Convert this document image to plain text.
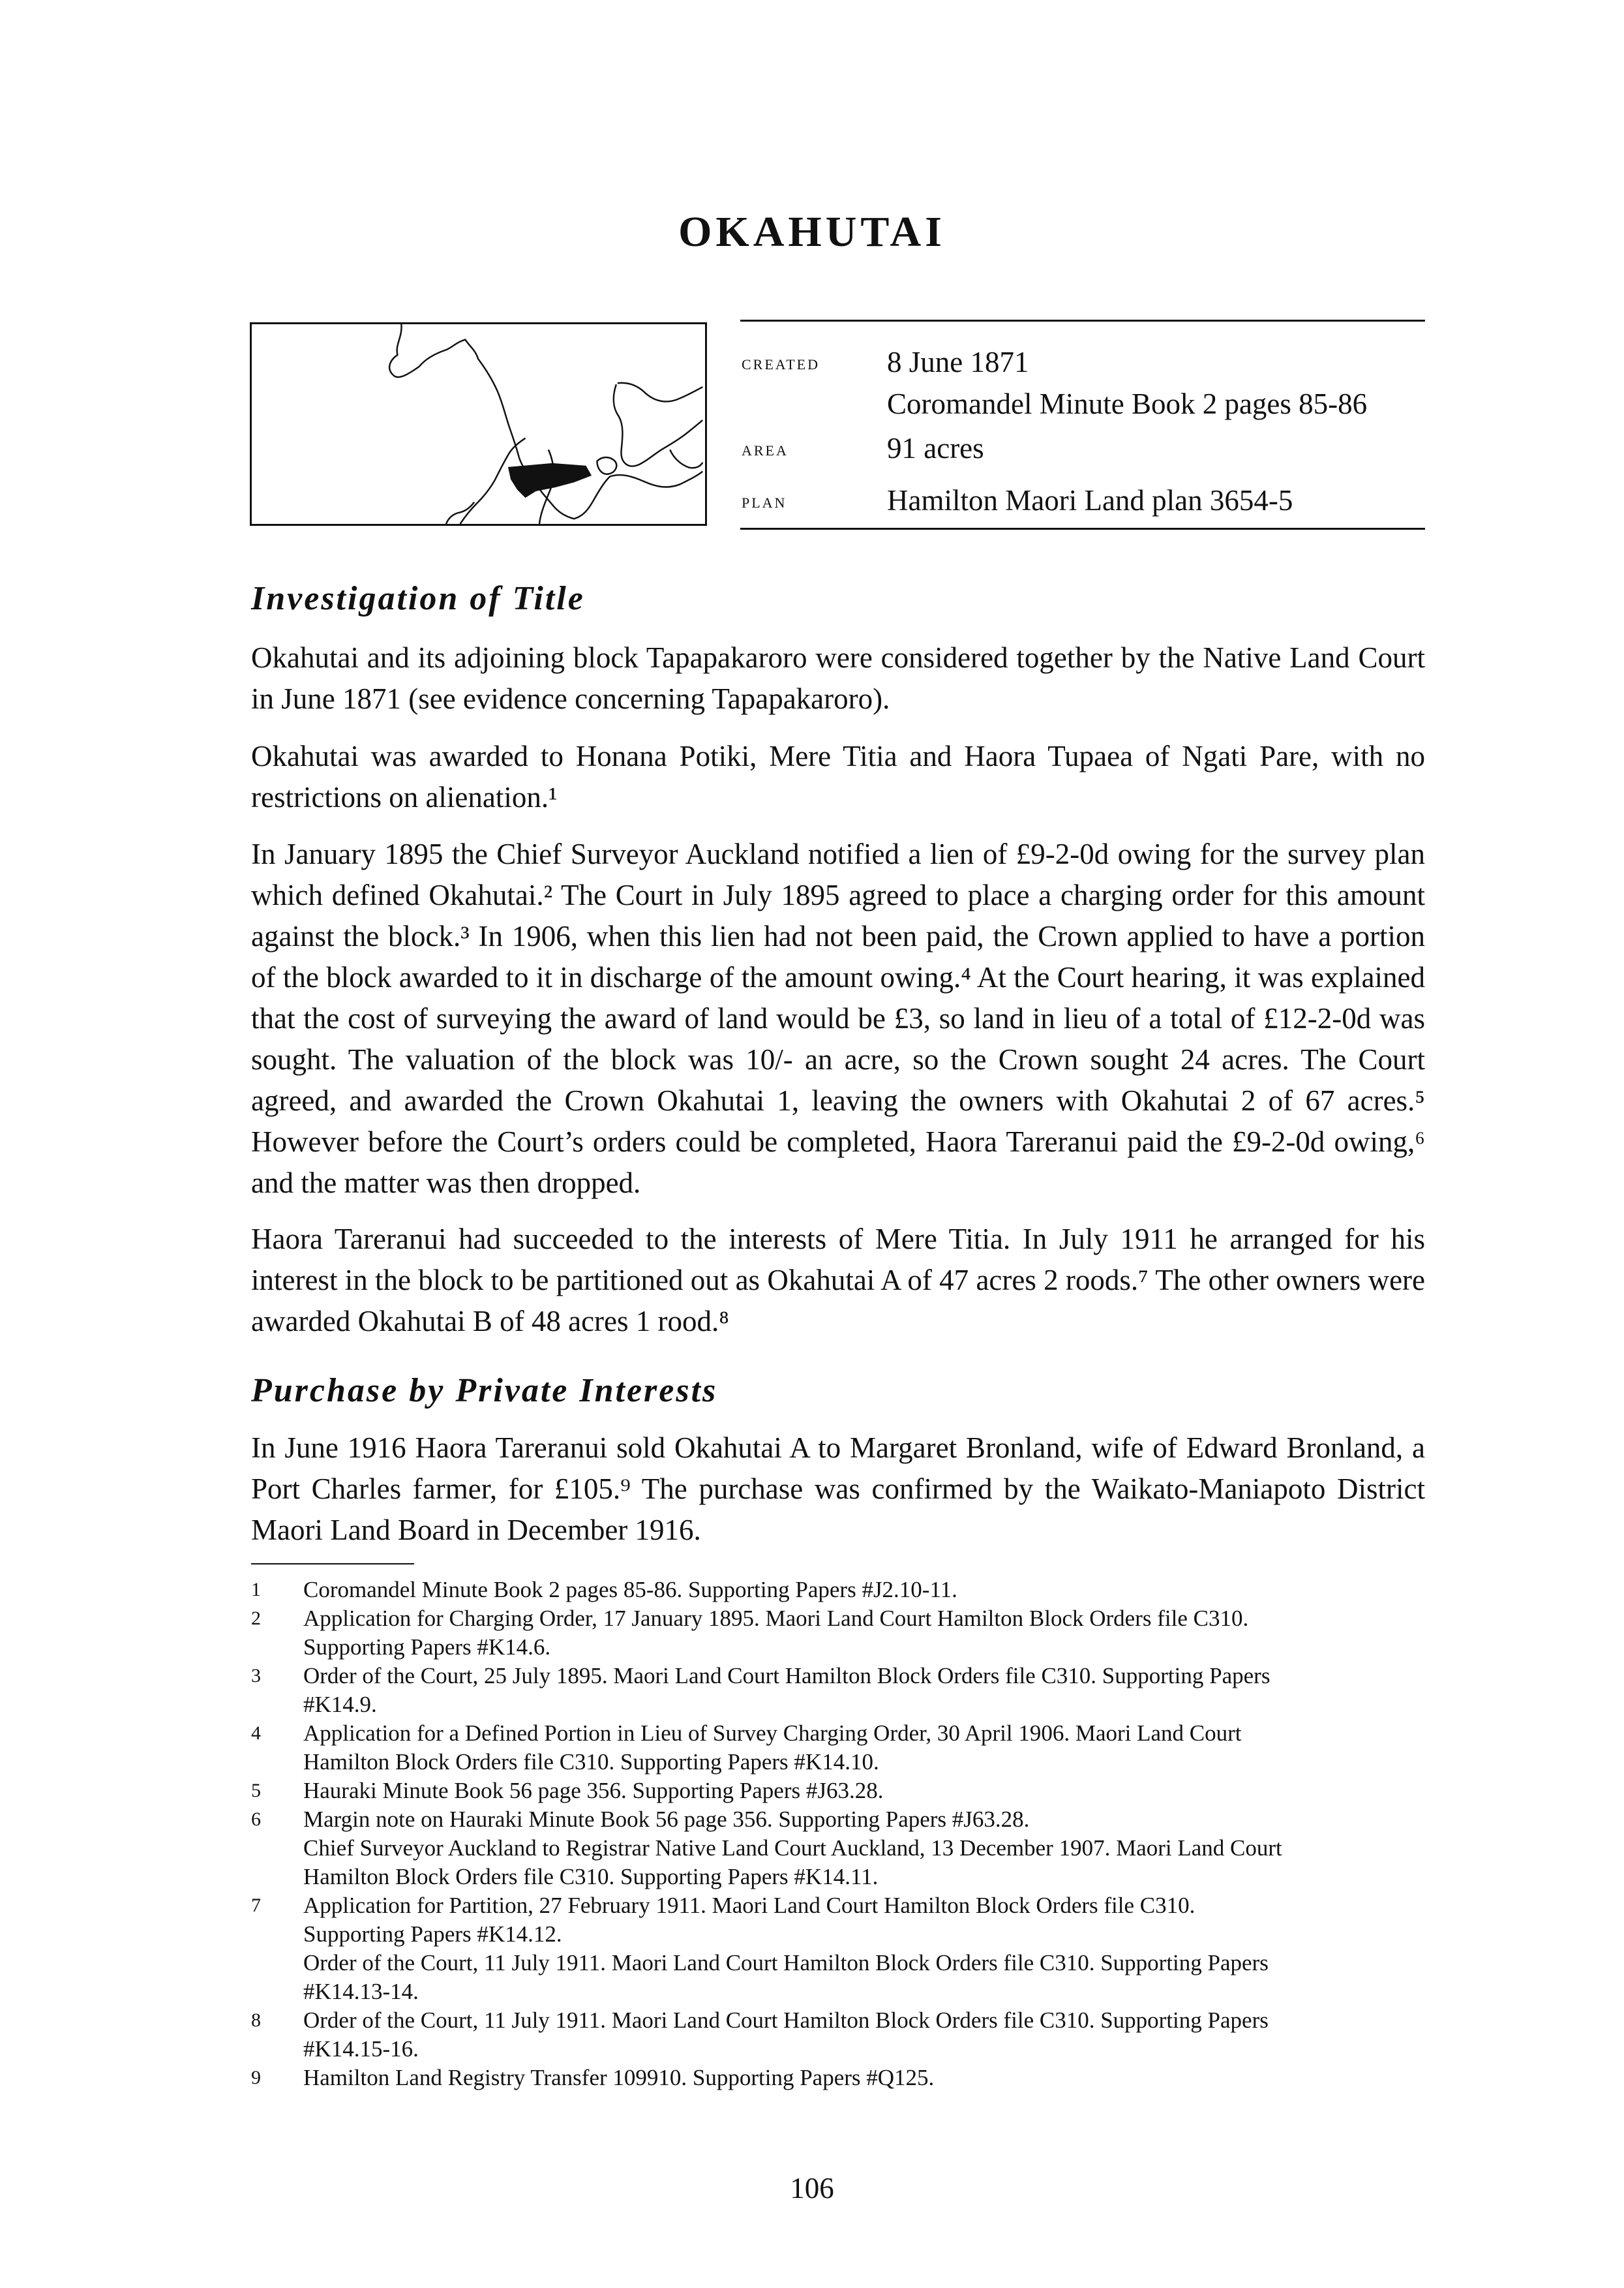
OKAHUTAI
created 8 June 1871
Coromandel Minute Book 2 pages 85-86
area	91 acres
plan	Hamilton Maori Land plan 3654-5
Investigation of Title

Okahutai and its adjoining block Tapapakaroro were considered together by the Native Land Court in June 1871 (see evidence concerning Tapapakaroro).

Okahutai was awarded to Honana Potiki, Mere Titia and Haora Tupaea of Ngati Pare, with no restrictions on alienation.¹

In January 1895 the Chief Surveyor Auckland notified a lien of £9-2-0d owing for the survey plan which defined Okahutai.² The Court in July 1895 agreed to place a charging order for this amount against the block.³ In 1906, when this lien had not been paid, the Crown applied to have a portion of the block awarded to it in discharge of the amount owing.⁴ At the Court hearing, it was explained that the cost of surveying the award of land would be £3, so land in lieu of a total of £12-2-0d was sought. The valuation of the block was 10/- an acre, so the Crown sought 24 acres. The Court agreed, and awarded the Crown Okahutai 1, leaving the owners with Okahutai 2 of 67 acres.⁵ However before the Court’s orders could be completed, Haora Tareranui paid the £9-2-0d owing,⁶ and the matter was then dropped.

Haora Tareranui had succeeded to the interests of Mere Titia. In July 1911 he arranged for his interest in the block to be partitioned out as Okahutai A of 47 acres 2 roods.⁷ The other owners were awarded Okahutai B of 48 acres 1 rood.⁸

Purchase by Private Interests

In June 1916 Haora Tareranui sold Okahutai A to Margaret Bronland, wife of Edward Bronland, a Port Charles farmer, for £105.⁹ The purchase was confirmed by the Waikato-Maniapoto District Maori Land Board in December 1916.

1 Coromandel Minute Book 2 pages 85-86. Supporting Papers #J2.10-11.
2 Application for Charging Order, 17 January 1895. Maori Land Court Hamilton Block Orders file C310.
Supporting Papers #K14.6.
3 Order of the Court, 25 July 1895. Maori Land Court Hamilton Block Orders file C310. Supporting Papers
#K14.9.
4 Application for a Defined Portion in Lieu of Survey Charging Order, 30 April 1906. Maori Land Court
Hamilton Block Orders file C310. Supporting Papers #K14.10.
5 Hauraki Minute Book 56 page 356. Supporting Papers #J63.28.
6 Margin note on Hauraki Minute Book 56 page 356. Supporting Papers #J63.28.
Chief Surveyor Auckland to Registrar Native Land Court Auckland, 13 December 1907. Maori Land Court
Hamilton Block Orders file C310. Supporting Papers #K14.11.
7 Application for Partition, 27 February 1911. Maori Land Court Hamilton Block Orders file C310.
Supporting Papers #K14.12.
Order of the Court, 11 July 1911. Maori Land Court Hamilton Block Orders file C310. Supporting Papers
#K14.13-14.
8 Order of the Court, 11 July 1911. Maori Land Court Hamilton Block Orders file C310. Supporting Papers
#K14.15-16.
9 Hamilton Land Registry Transfer 109910. Supporting Papers #Q125.
106
